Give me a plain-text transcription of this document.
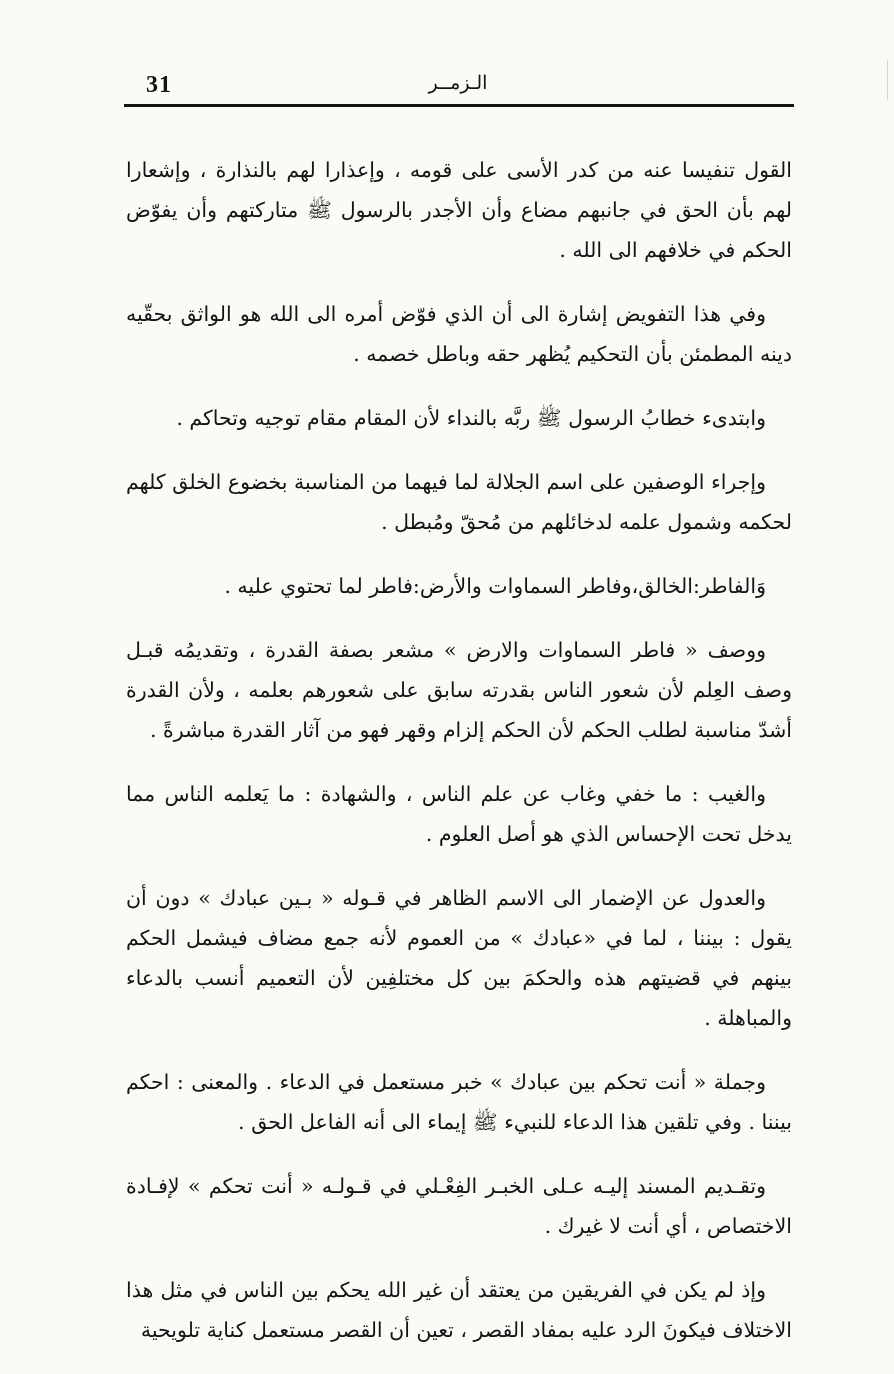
31	الـزمــر

القول تنفيسا عنه من كدر الأسى على قومه ، وإعذارا لهم بالنذارة ، وإشعارا لهم بأن الحق في جانبهم مضاع وأن الأجدر بالرسول ﷺ متاركتهم وأن يفوّض الحكم في خلافهم الى الله .

وفي هذا التفويض إشارة الى أن الذي فوّض أمره الى الله هو الواثق بحقّيه دينه المطمئن بأن التحكيم يُظهر حقه وباطل خصمه .

وابتدىء خطابُ الرسول ﷺ ربَّه بالنداء لأن المقام مقام توجيه وتحاكم .

وإجراء الوصفين على اسم الجلالة لما فيهما من المناسبة بخضوع الخلق كلهم لحكمه وشمول علمه لدخائلهم من مُحقّ ومُبطل .

وَالفاطر:الخالق،وفاطر السماوات والأرض:فاطر لما تحتوي عليه .

ووصف « فاطر السماوات والارض » مشعر بصفة القدرة ، وتقديمُه قبـل وصف العِلم لأن شعور الناس بقدرته سابق على شعورهم بعلمه ، ولأن القدرة أشدّ مناسبة لطلب الحكم لأن الحكم إلزام وقهر فهو من آثار القدرة مباشرةً .

والغيب : ما خفي وغاب عن علم الناس ، والشهادة : ما يَعلمه الناس مما يدخل تحت الإحساس الذي هو أصل العلوم .

والعدول عن الإضمار الى الاسم الظاهر في قـوله « بـين عبادك » دون أن يقول : بيننا ، لما في «عبادك » من العموم لأنه جمع مضاف فيشمل الحكم بينهم في قضيتهم هذه والحكمَ بين كل مختلفِين لأن التعميم أنسب بالدعاء والمباهلة .

وجملة « أنت تحكم بين عبادك » خبر مستعمل في الدعاء . والمعنى : احكم بيننا . وفي تلقين هذا الدعاء للنبيء ﷺ إيماء الى أنه الفاعل الحق .

وتقـديم المسند إليـه عـلى الخبـر الفِعْـلي في قـولـه « أنت تحكم » لإفـادة الاختصاص ، أي أنت لا غيرك .

وإذ لم يكن في الفريقين من يعتقد أن غير الله يحكم بين الناس في مثل هذا الاختلاف فيكونَ الرد عليه بمفاد القصر ، تعين أن القصر مستعمل كناية تلويحية
